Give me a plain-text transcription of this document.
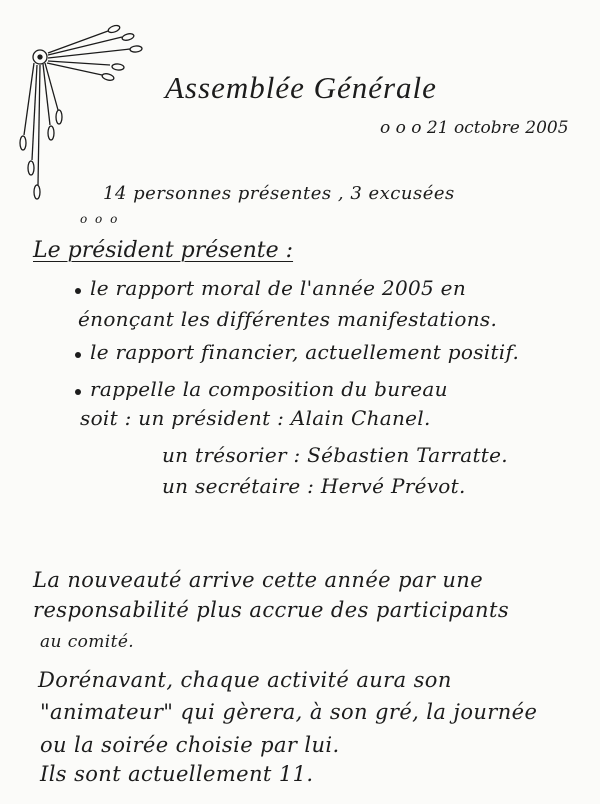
Assemblée Générale

o o o 21 octobre 2005

14 personnes présentes , 3 excusées

o o o

Le président présente :

le rapport moral de l'année 2005 en

énonçant les différentes manifestations.

le rapport financier, actuellement positif.

rappelle la composition du bureau

soit : un président : Alain Chanel.

un trésorier : Sébastien Tarratte.

un secrétaire : Hervé Prévot.

La nouveauté arrive cette année par une

responsabilité plus accrue des participants

au comité.

Dorénavant, chaque activité aura son

"animateur" qui gèrera, à son gré, la journée

ou la soirée choisie par lui.

Ils sont actuellement 11.
